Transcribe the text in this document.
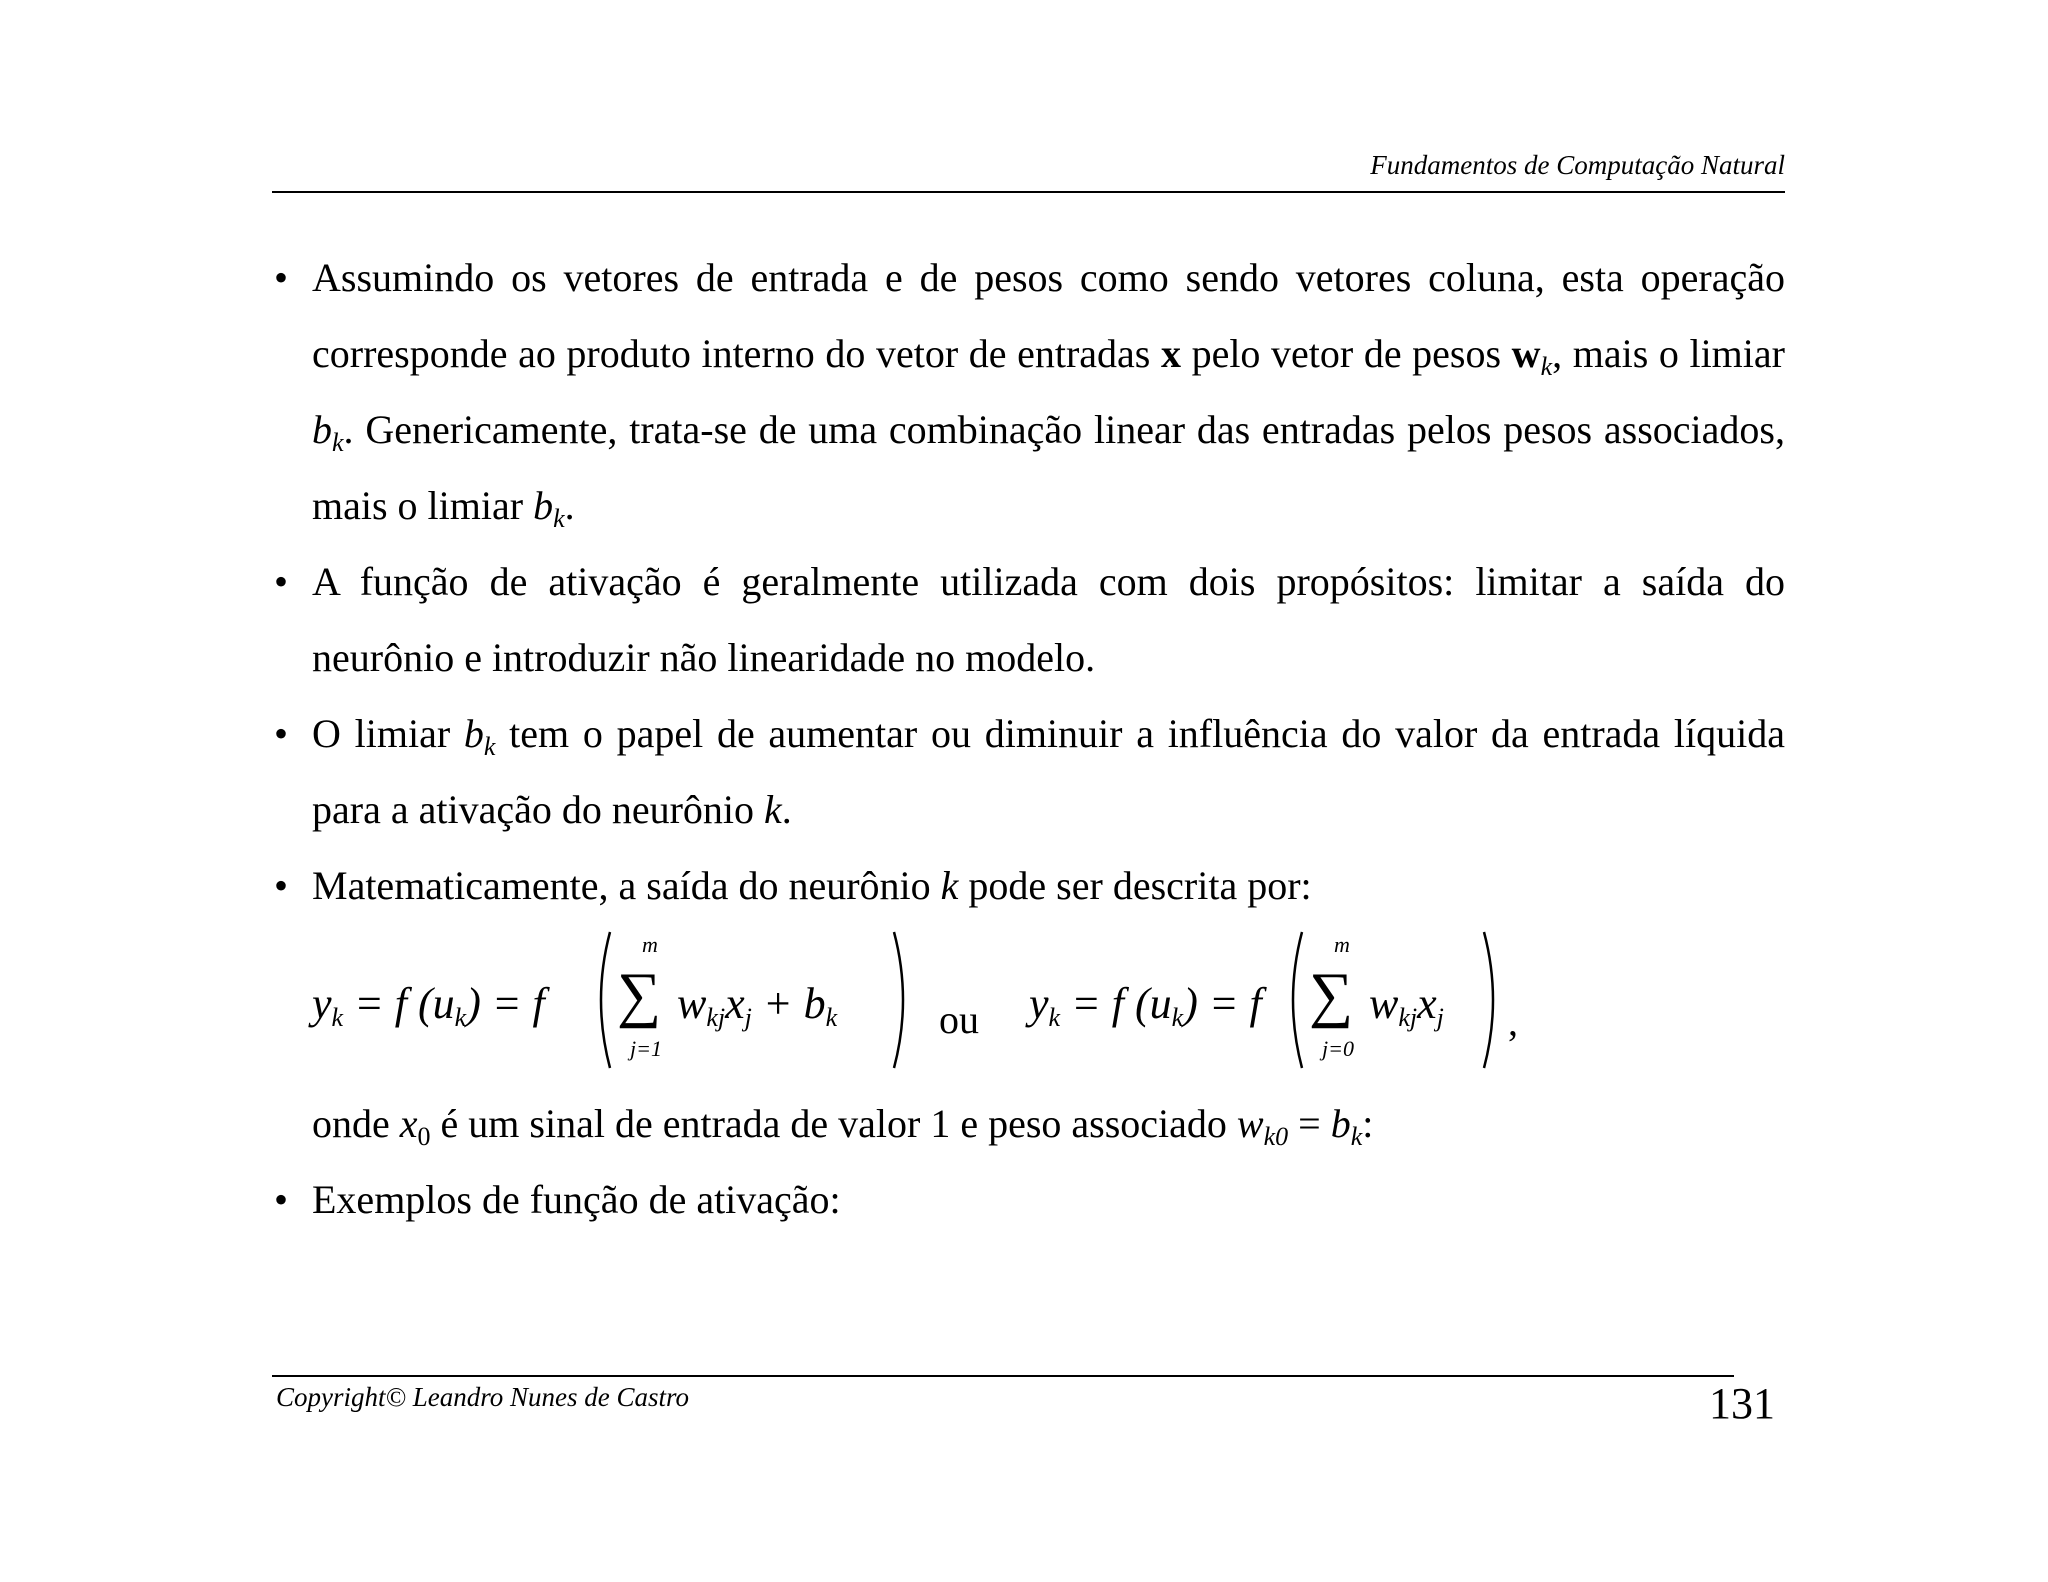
Fundamentos de Computação Natural
• Assumindo os vetores de entrada e de pesos como sendo vetores coluna, esta operação corresponde ao produto interno do vetor de entradas x pelo vetor de pesos $w_k$, mais o limiar $b_k$. Genericamente, trata-se de uma combinação linear das entradas pelos pesos associados, mais o limiar $b_k$.

• A função de ativação é geralmente utilizada com dois propósitos: limitar a saída do neurônio e introduzir não linearidade no modelo.

• O limiar $b_k$ tem o papel de aumentar ou diminuir a influência do valor da entrada líquida para a ativação do neurônio k.

• Matematicamente, a saída do neurônio k pode ser descrita por:

$y_k = f$ $(u_k) = f$
m
∑
j=1
$w_{kj}x_j + b_k$	ou $y_k = f$ $(u_k) = f$
m
∑
j=0
$w_{kj}x_j$ ,
onde $x_0$ é um sinal de entrada de valor 1 e peso associado $w_{k0} = b_k$:
• Exemplos de função de ativação:

Copyright© Leandro Nunes de Castro	131
